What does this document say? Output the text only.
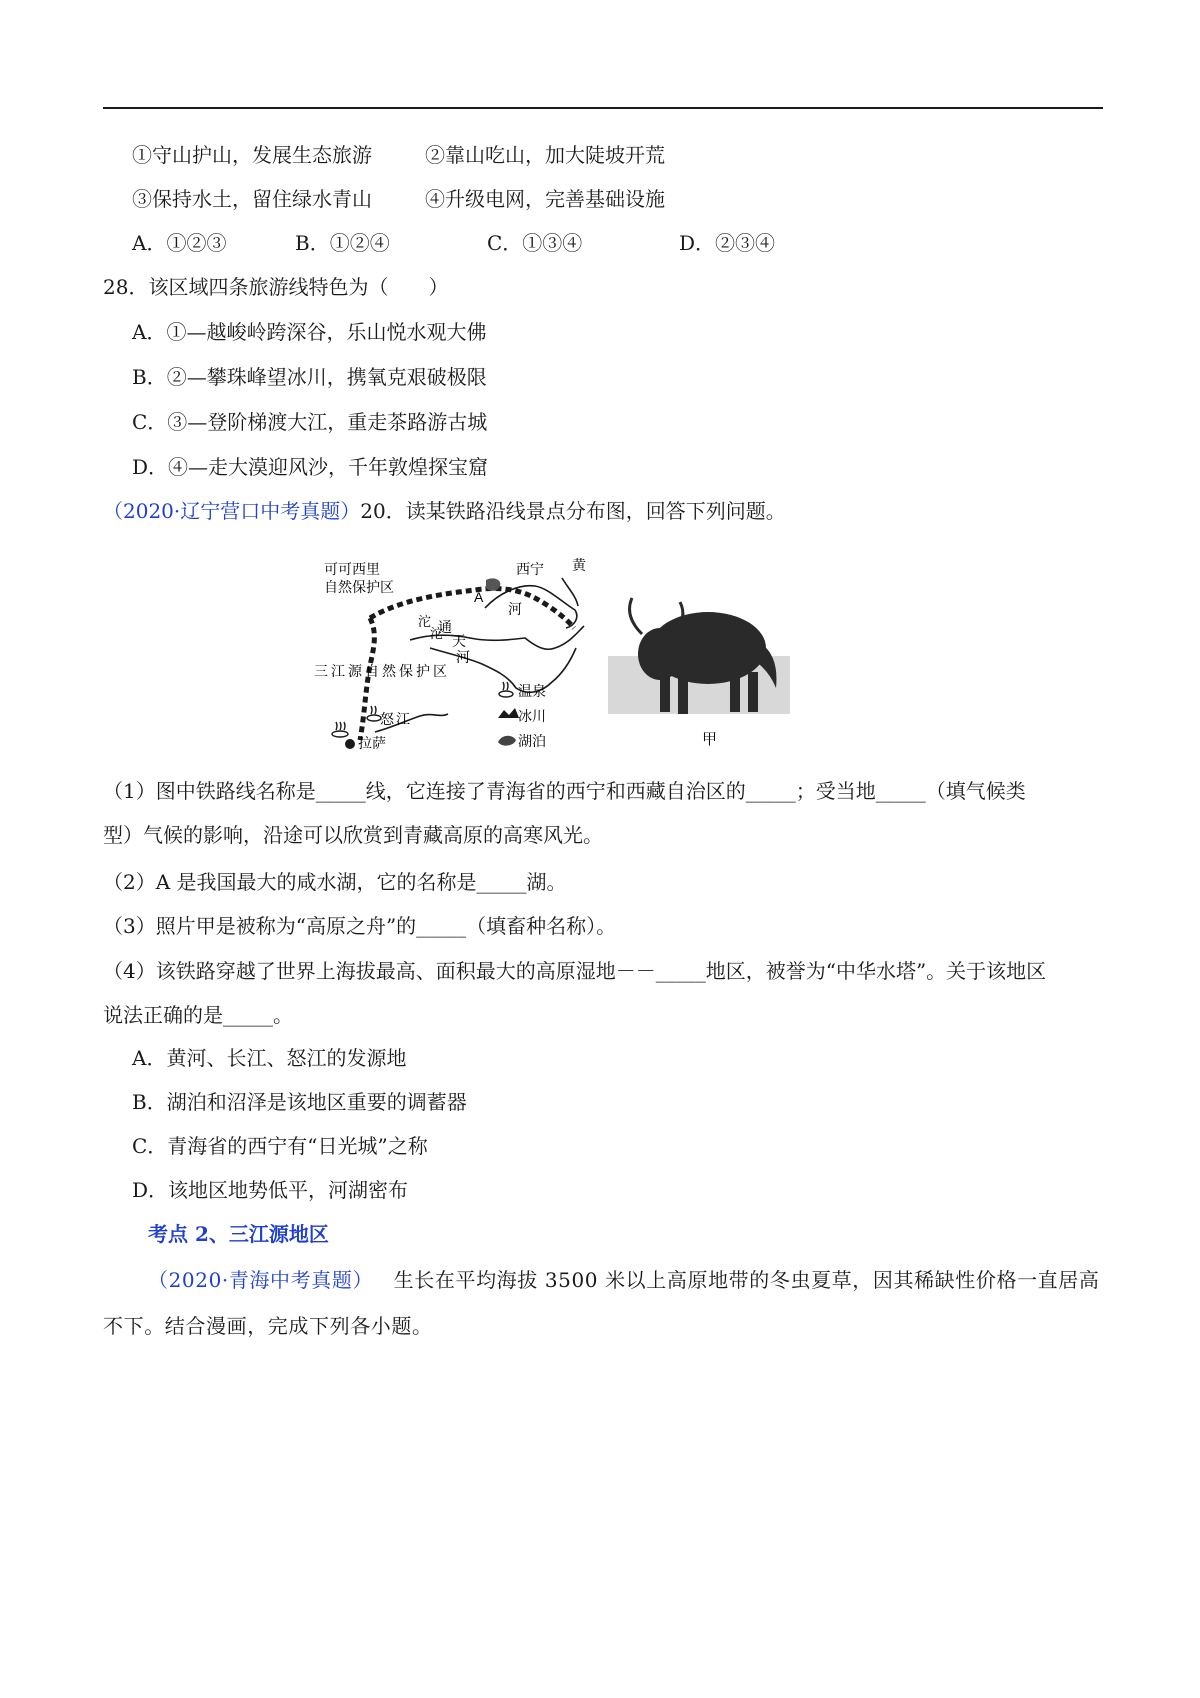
①守山护山，发展生态旅游	②靠山吃山，加大陡坡开荒
③保持水土，留住绿水青山	④升级电网，完善基础设施
A．①②③	B．①②④	C．①③④	D．②③④
28．该区域四条旅游线特色为（　　）
A．①—越峻岭跨深谷，乐山悦水观大佛
B．②—攀珠峰望冰川，携氧克艰破极限
C．③—登阶梯渡大江，重走茶路游古城
D．④—走大漠迎风沙，千年敦煌探宝窟
（2020·辽宁营口中考真题）20．读某铁路沿线景点分布图，回答下列问题。
可可西里
自然保护区
西宁 黄
河
A
沱
沱 通
天
河
三江源自然保护区
怒 江
拉萨
温泉
冰川
湖泊	甲
（1）图中铁路线名称是_____线，它连接了青海省的西宁和西藏自治区的_____；受当地_____（填气候类
型）气候的影响，沿途可以欣赏到青藏高原的高寒风光。
（2）A 是我国最大的咸水湖，它的名称是_____湖。
（3）照片甲是被称为“高原之舟”的_____（填畜种名称）。
（4）该铁路穿越了世界上海拔最高、面积最大的高原湿地－－_____地区，被誉为“中华水塔”。关于该地区
说法正确的是_____。
A．黄河、长江、怒江的发源地
B．湖泊和沼泽是该地区重要的调蓄器
C．青海省的西宁有“日光城”之称
D．该地区地势低平，河湖密布
考点 2、三江源地区
（2020·青海中考真题）  生长在平均海拔 3500 米以上高原地带的冬虫夏草，因其稀缺性价格一直居高
不下。结合漫画，完成下列各小题。
